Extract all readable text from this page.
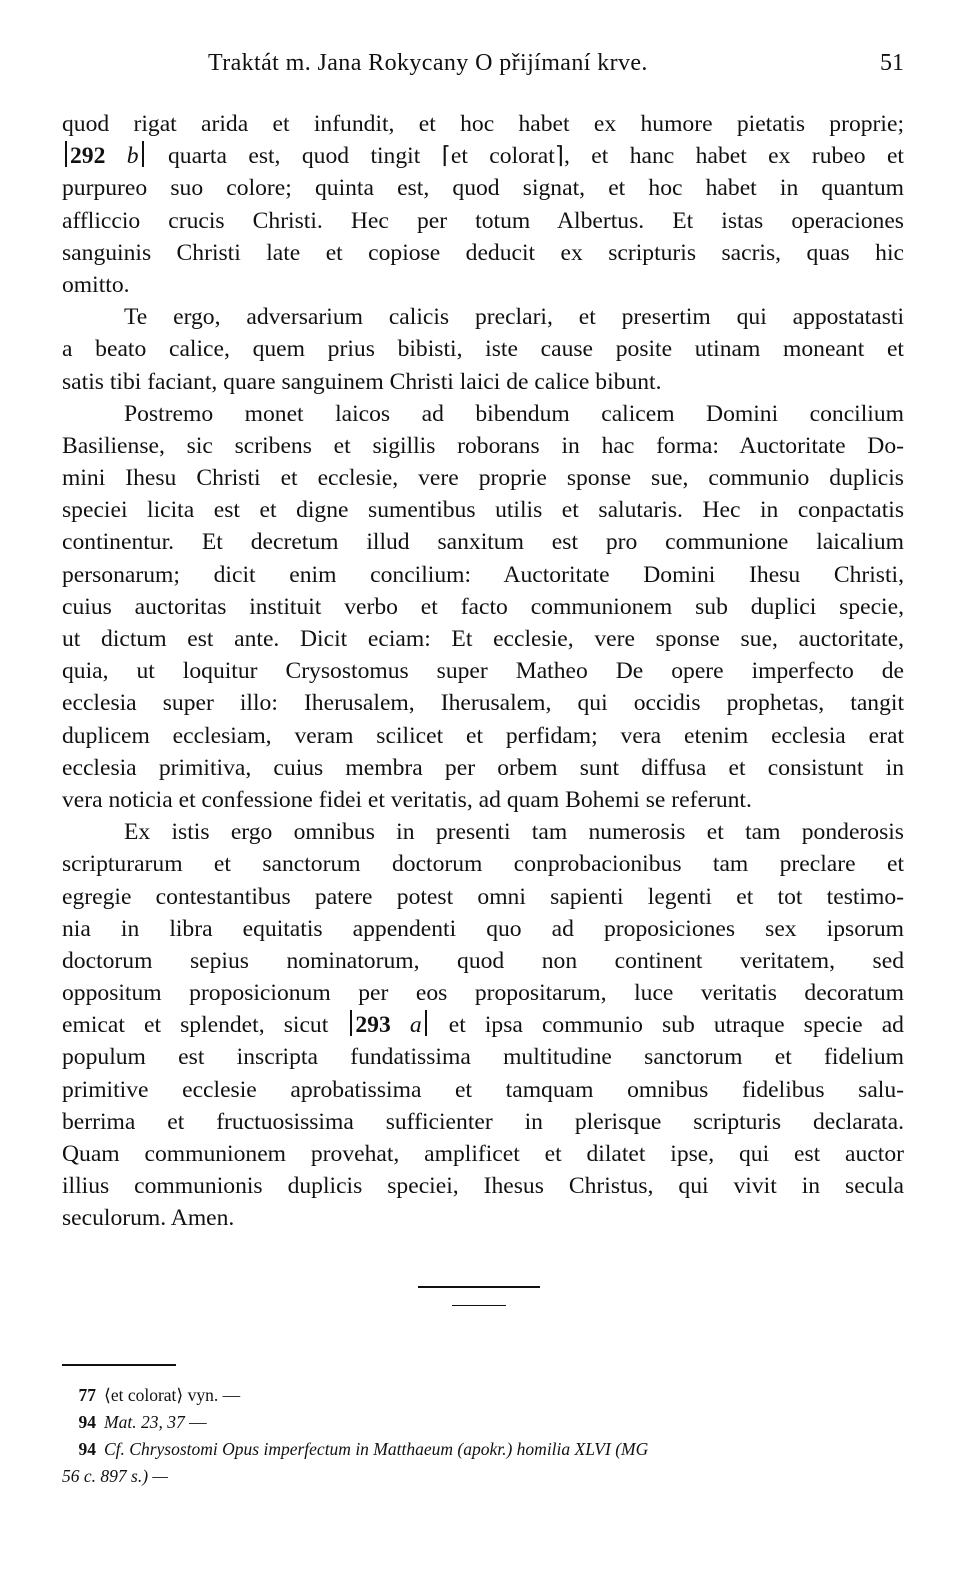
Traktát m. Jana Rokycany O přijímaní krve.	51
quod rigat arida et infundit, et hoc habet ex humore pietatis proprie;
292 b quarta est, quod tingit ⌈et colorat⌉, et hanc habet ex rubeo et
purpureo suo colore; quinta est, quod signat, et hoc habet in quantum
affliccio crucis Christi. Hec per totum Albertus. Et istas operaciones
sanguinis Christi late et copiose deducit ex scripturis sacris, quas hic
omitto.
Te ergo, adversarium calicis preclari, et presertim qui appostatasti
a beato calice, quem prius bibisti, iste cause posite utinam moneant et
satis tibi faciant, quare sanguinem Christi laici de calice bibunt.
Postremo monet laicos ad bibendum calicem Domini concilium
Basiliense, sic scribens et sigillis roborans in hac forma: Auctoritate Do-
mini Ihesu Christi et ecclesie, vere proprie sponse sue, communio duplicis
speciei licita est et digne sumentibus utilis et salutaris. Hec in conpactatis
continentur. Et decretum illud sanxitum est pro communione laicalium
personarum; dicit enim concilium: Auctoritate Domini Ihesu Christi,
cuius auctoritas instituit verbo et facto communionem sub duplici specie,
ut dictum est ante. Dicit eciam: Et ecclesie, vere sponse sue, auctoritate,
quia, ut loquitur Crysostomus super Matheo De opere imperfecto de
ecclesia super illo: Iherusalem, Iherusalem, qui occidis prophetas, tangit
duplicem ecclesiam, veram scilicet et perfidam; vera etenim ecclesia erat
ecclesia primitiva, cuius membra per orbem sunt diffusa et consistunt in
vera noticia et confessione fidei et veritatis, ad quam Bohemi se referunt.
Ex istis ergo omnibus in presenti tam numerosis et tam ponderosis
scripturarum et sanctorum doctorum conprobacionibus tam preclare et
egregie contestantibus patere potest omni sapienti legenti et tot testimo-
nia in libra equitatis appendenti quo ad proposiciones sex ipsorum
doctorum sepius nominatorum, quod non continent veritatem, sed
oppositum proposicionum per eos propositarum, luce veritatis decoratum
emicat et splendet, sicut 293 a et ipsa communio sub utraque specie ad
populum est inscripta fundatissima multitudine sanctorum et fidelium
primitive ecclesie aprobatissima et tamquam omnibus fidelibus salu-
berrima et fructuosissima sufficienter in plerisque scripturis declarata.
Quam communionem provehat, amplificet et dilatet ipse, qui est auctor
illius communionis duplicis speciei, Ihesus Christus, qui vivit in secula
seculorum. Amen.
77 ⟨et colorat⟩ vyn. —
94 Mat. 23, 37 —
94 Cf. Chrysostomi Opus imperfectum in Matthaeum (apokr.) homilia XLVI (MG
56 c. 897 s.) —
